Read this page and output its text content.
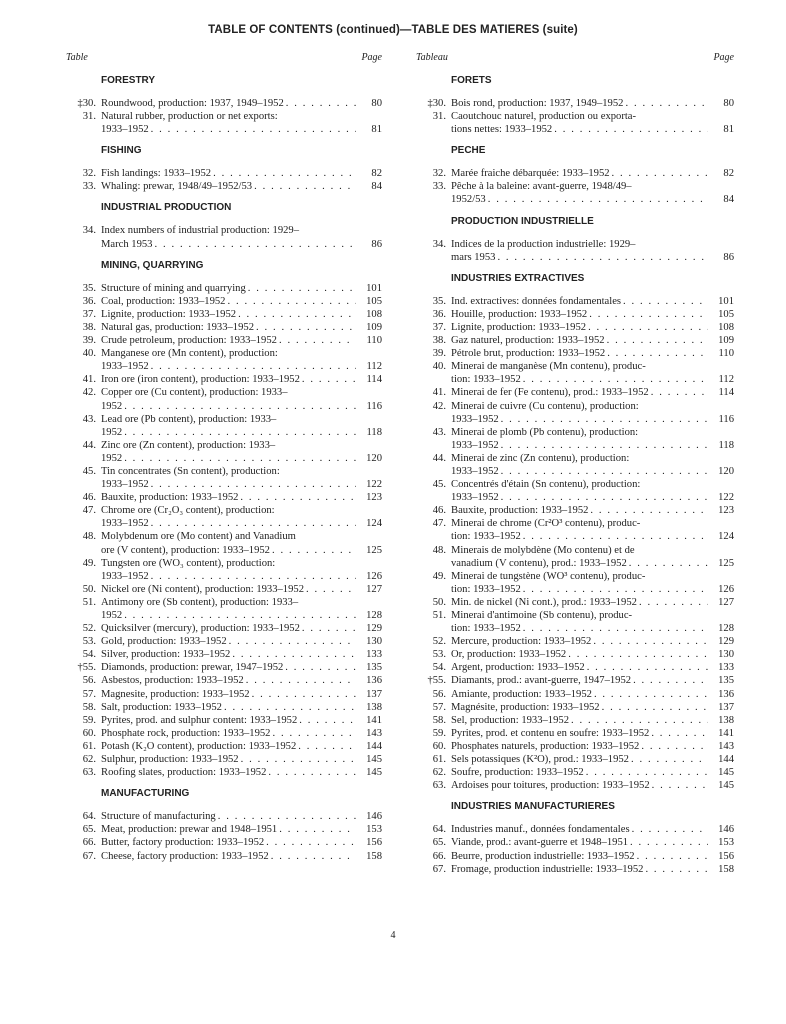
TABLE OF CONTENTS (continued)—TABLE DES MATIERES (suite)
Table	Page
FORESTRY
‡30. Roundwood, production: 1937, 1949–1952 . . .	80
31. Natural rubber, production or net exports:
1933–1952 . . .	81
FISHING
32. Fish landings: 1933–1952 . . .	82
33. Whaling: prewar, 1948/49–1952/53 . . .	84
INDUSTRIAL PRODUCTION
34. Index numbers of industrial production: 1929–
March 1953 . . .	86
MINING, QUARRYING
35. Structure of mining and quarrying . . .	101
36. Coal, production: 1933–1952 . . .	105
37. Lignite, production: 1933–1952 . . .	108
38. Natural gas, production: 1933–1952 . . .	109
39. Crude petroleum, production: 1933–1952 . . .	110
40. Manganese ore (Mn content), production:
1933–1952 . . .	112
41. Iron ore (iron content), production: 1933–1952 . . .	114
42. Copper ore (Cu content), production: 1933–
1952 . . .	116
43. Lead ore (Pb content), production: 1933–
1952 . . .	118
44. Zinc ore (Zn content), production: 1933–
1952 . . .	120
45. Tin concentrates (Sn content), production:
1933–1952 . . .	122
46. Bauxite, production: 1933–1952 . . .	123
47. Chrome ore (Cr₂O₃ content), production:
1933–1952 . . .	124
48. Molybdenum ore (Mo content) and Vanadium
ore (V content), production: 1933–1952 . . .	125
49. Tungsten ore (WO₃ content), production:
1933–1952 . . .	126
50. Nickel ore (Ni content), production: 1933–1952 . . .	127
51. Antimony ore (Sb content), production: 1933–
1952 . . .	128
52. Quicksilver (mercury), production: 1933–1952 . . .	129
53. Gold, production: 1933–1952 . . .	130
54. Silver, production: 1933–1952 . . .	133
†55. Diamonds, production: prewar, 1947–1952 . . .	135
56. Asbestos, production: 1933–1952 . . .	136
57. Magnesite, production: 1933–1952 . . .	137
58. Salt, production: 1933–1952 . . .	138
59. Pyrites, prod. and sulphur content: 1933–1952 . . .	141
60. Phosphate rock, production: 1933–1952 . . .	143
61. Potash (K₂O content), production: 1933–1952 . . .	144
62. Sulphur, production: 1933–1952 . . .	145
63. Roofing slates, production: 1933–1952 . . .	145
MANUFACTURING
64. Structure of manufacturing . . .	146
65. Meat, production: prewar and 1948–1951 . . .	153
66. Butter, factory production: 1933–1952 . . .	156
67. Cheese, factory production: 1933–1952 . . .	158
Tableau	Page
FORETS
‡30. Bois rond, production: 1937, 1949–1952 . . .	80
31. Caoutchouc naturel, production ou exporta-
tions nettes: 1933–1952 . . .	81
PECHE
32. Marée fraiche débarquée: 1933–1952 . . .	82
33. Pêche à la baleine: avant-guerre, 1948/49–
1952/53 . . .	84
PRODUCTION INDUSTRIELLE
34. Indices de la production industrielle: 1929–
mars 1953 . . .	86
INDUSTRIES EXTRACTIVES
35. Ind. extractives: données fondamentales . . .	101
36. Houille, production: 1933–1952 . . .	105
37. Lignite, production: 1933–1952 . . .	108
38. Gaz naturel, production: 1933–1952 . . .	109
39. Pétrole brut, production: 1933–1952 . . .	110
40. Minerai de manganèse (Mn contenu), produc-
tion: 1933–1952 . . .	112
41. Minerai de fer (Fe contenu), prod.: 1933–1952 . . .	114
42. Minerai de cuivre (Cu contenu), production:
1933–1952 . . .	116
43. Minerai de plomb (Pb contenu), production:
1933–1952 . . .	118
44. Minerai de zinc (Zn contenu), production:
1933–1952 . . .	120
45. Concentrés d'étain (Sn contenu), production:
1933–1952 . . .	122
46. Bauxite, production: 1933–1952 . . .	123
47. Minerai de chrome (Cr²O³ contenu), produc-
tion: 1933–1952 . . .	124
48. Minerais de molybdène (Mo contenu) et de
vanadium (V contenu), prod.: 1933–1952 . . .	125
49. Minerai de tungstène (WO³ contenu), produc-
tion: 1933–1952 . . .	126
50. Min. de nickel (Ni cont.), prod.: 1933–1952 . . .	127
51. Minerai d'antimoine (Sb contenu), produc-
tion: 1933–1952 . . .	128
52. Mercure, production: 1933–1952 . . .	129
53. Or, production: 1933–1952 . . .	130
54. Argent, production: 1933–1952 . . .	133
†55. Diamants, prod.: avant-guerre, 1947–1952 . . .	135
56. Amiante, production: 1933–1952 . . .	136
57. Magnésite, production: 1933–1952 . . .	137
58. Sel, production: 1933–1952 . . .	138
59. Pyrites, prod. et contenu en soufre: 1933–1952 . . .	141
60. Phosphates naturels, production: 1933–1952 . . .	143
61. Sels potassiques (K²O), prod.: 1933–1952 . . .	144
62. Soufre, production: 1933–1952 . . .	145
63. Ardoises pour toitures, production: 1933–1952 . . .	145
INDUSTRIES MANUFACTURIERES
64. Industries manuf., données fondamentales . . .	146
65. Viande, prod.: avant-guerre et 1948–1951 . . .	153
66. Beurre, production industrielle: 1933–1952 . . .	156
67. Fromage, production industrielle: 1933–1952 . . .	158
4
